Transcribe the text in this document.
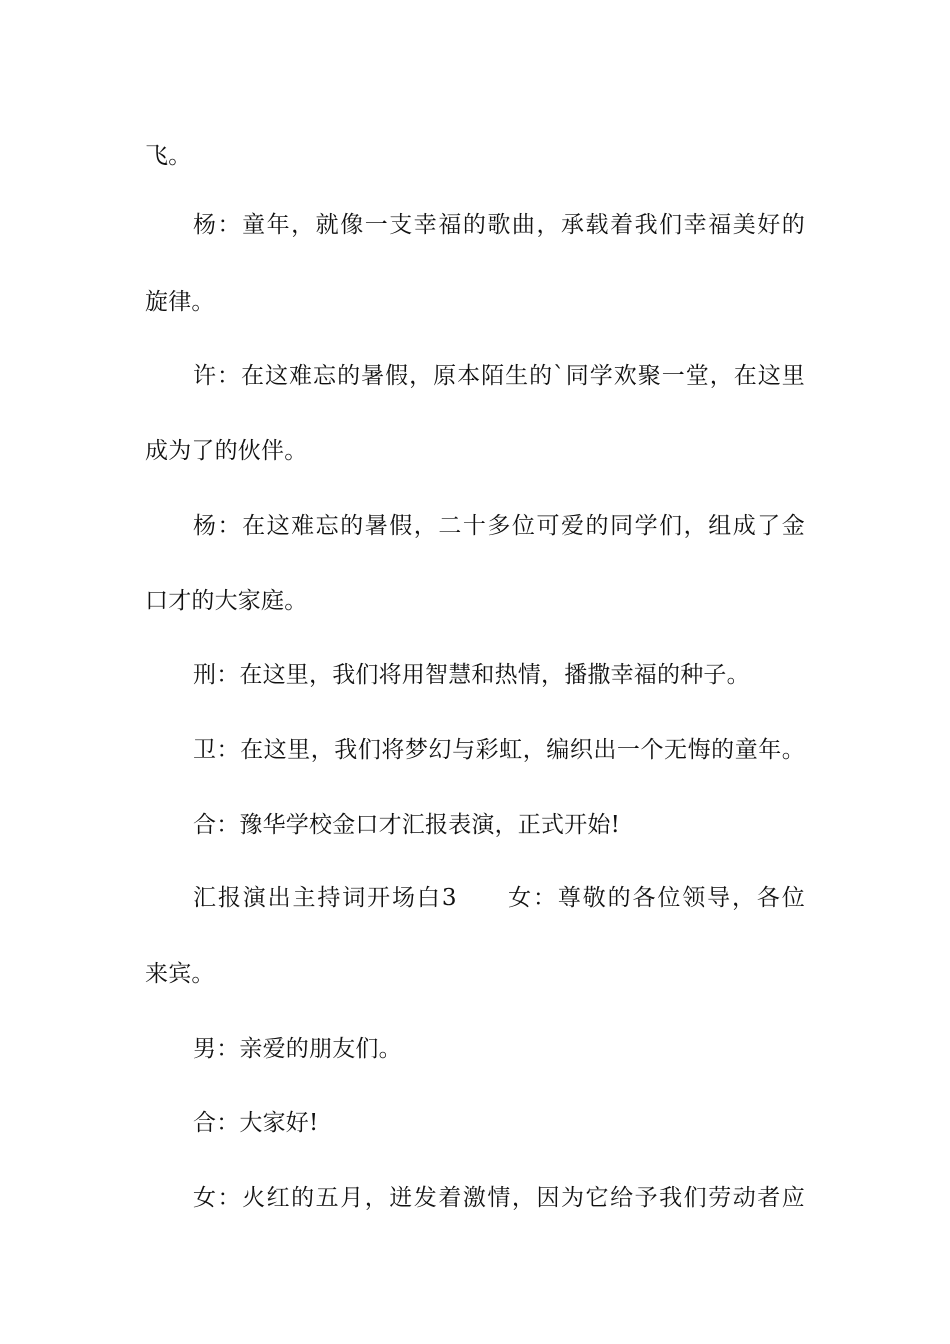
飞。
杨：童年，就像一支幸福的歌曲，承载着我们幸福美好的
旋律。
许：在这难忘的暑假，原本陌生的`同学欢聚一堂，在这里
成为了的伙伴。
杨：在这难忘的暑假，二十多位可爱的同学们，组成了金
口才的大家庭。
刑：在这里，我们将用智慧和热情，播撒幸福的种子。
卫：在这里，我们将梦幻与彩虹，编织出一个无悔的童年。
合：豫华学校金口才汇报表演，正式开始!
汇报演出主持词开场白3　　女：尊敬的各位领导，各位
来宾。
男：亲爱的朋友们。
合：大家好!
女：火红的五月，迸发着激情，因为它给予我们劳动者应
